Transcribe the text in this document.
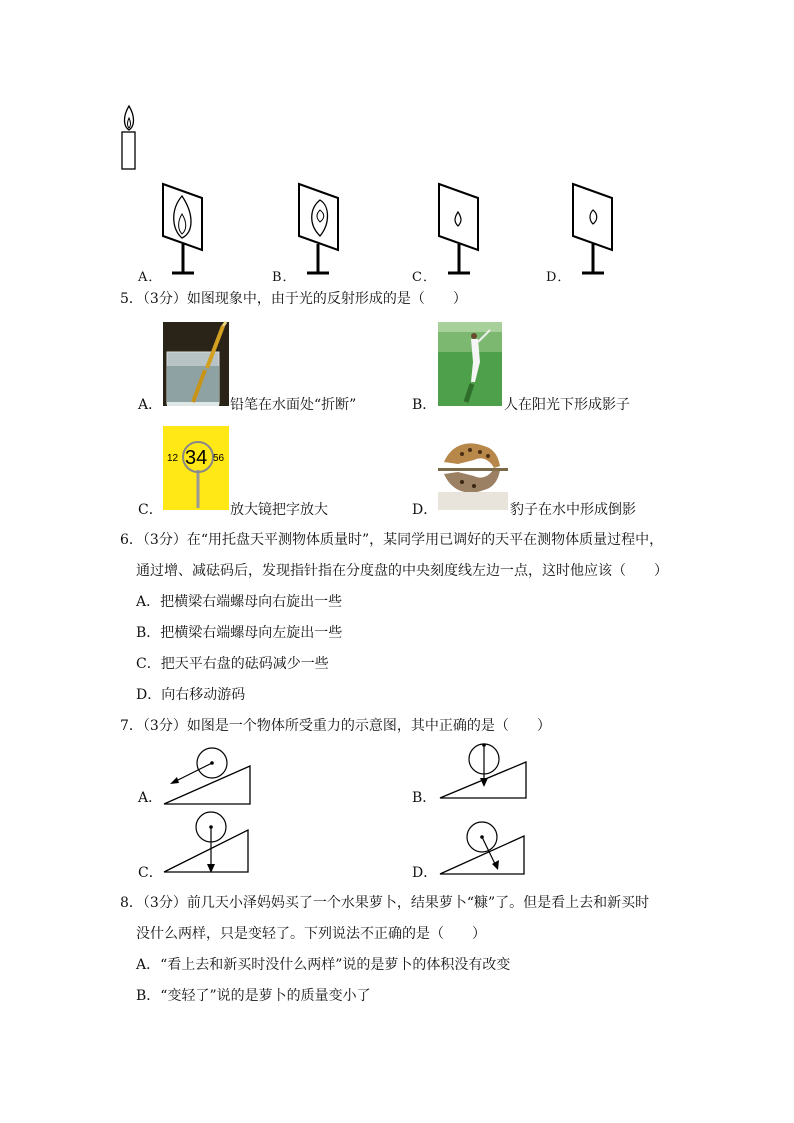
A．	B．	C．	D．
5．（3分）如图现象中，由于光的反射形成的是（　　）
A．	铅笔在水面处“折断”	B．	人在阳光下形成影子
C．
12 34 56
放大镜把字放大	D．	豹子在水中形成倒影
6．（3分）在“用托盘天平测物体质量时”，某同学用已调好的天平在测物体质量过程中，
通过增、减砝码后，发现指针指在分度盘的中央刻度线左边一点，这时他应该（　　）
A．把横梁右端螺母向右旋出一些
B．把横梁右端螺母向左旋出一些
C．把天平右盘的砝码减少一些
D．向右移动游码
7．（3分）如图是一个物体所受重力的示意图，其中正确的是（　　）
A．	B．
C．	D．
8．（3分）前几天小泽妈妈买了一个水果萝卜，结果萝卜“糠”了。但是看上去和新买时
没什么两样，只是变轻了。下列说法不正确的是（　　）
A．“看上去和新买时没什么两样”说的是萝卜的体积没有改变
B．“变轻了”说的是萝卜的质量变小了
